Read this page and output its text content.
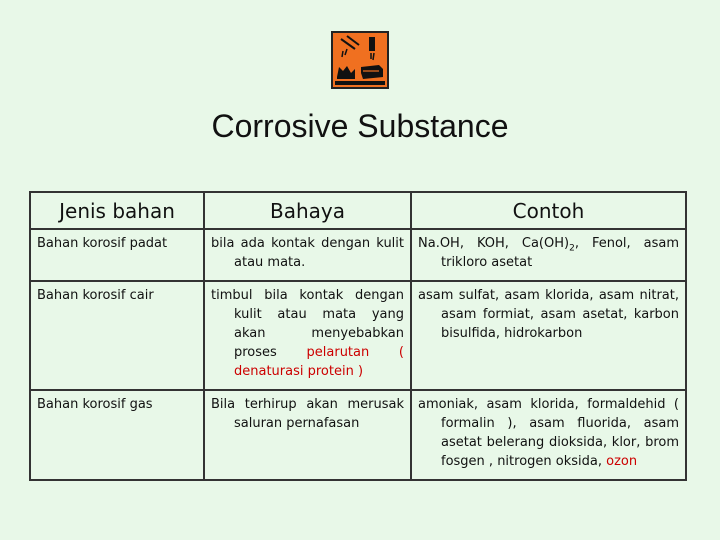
Corrosive Substance
Jenis bahan	Bahaya	Contoh
Bahan korosif padat	bila ada kontak dengan kulit atau mata.	Na.OH, KOH, $Ca(OH)_2$, Fenol, asam trikloro asetat
Bahan korosif cair	timbul bila kontak dengan kulit atau mata yang akan menyebabkan proses pelarutan ( denaturasi protein )	asam sulfat, asam klorida, asam nitrat, asam formiat, asam asetat, karbon bisulfida, hidrokarbon
Bahan korosif gas	Bila terhirup akan merusak saluran pernafasan	amoniak, asam klorida, formaldehid ( formalin ), asam fluorida, asam asetat belerang dioksida, klor, brom fosgen , nitrogen oksida, ozon
